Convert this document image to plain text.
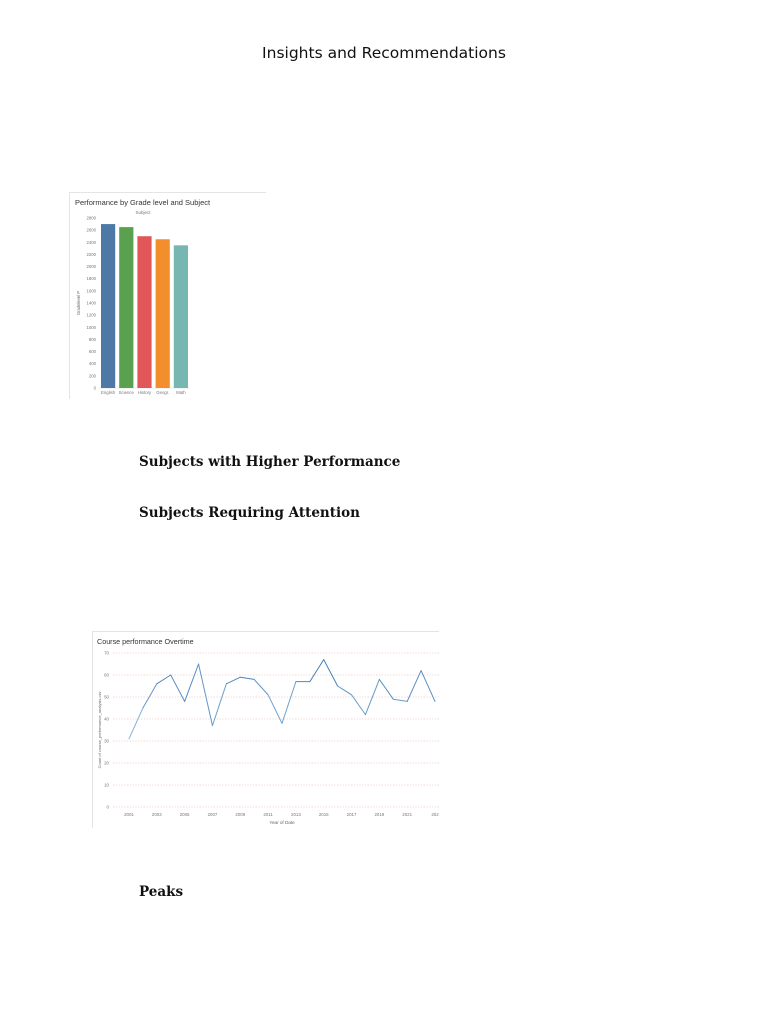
Insights and Recommendations
Performance by Grade level and Subject
Subject
Gradelevel P
0
200
400
600
800
1000
1200
1400
1600
1800
2000
2200
2400
2600
2800
English Science History Geogr. Math
Subjects with Higher Performance
Subjects Requiring Attention
Course performance Overtime
Count of course_performance_analysis.csv
0
10
20
30
40
50
60
70
2001	2003	2005	2007	2009	2011	2013	2015	2017	2019	2021	202
Year of Date
Peaks
